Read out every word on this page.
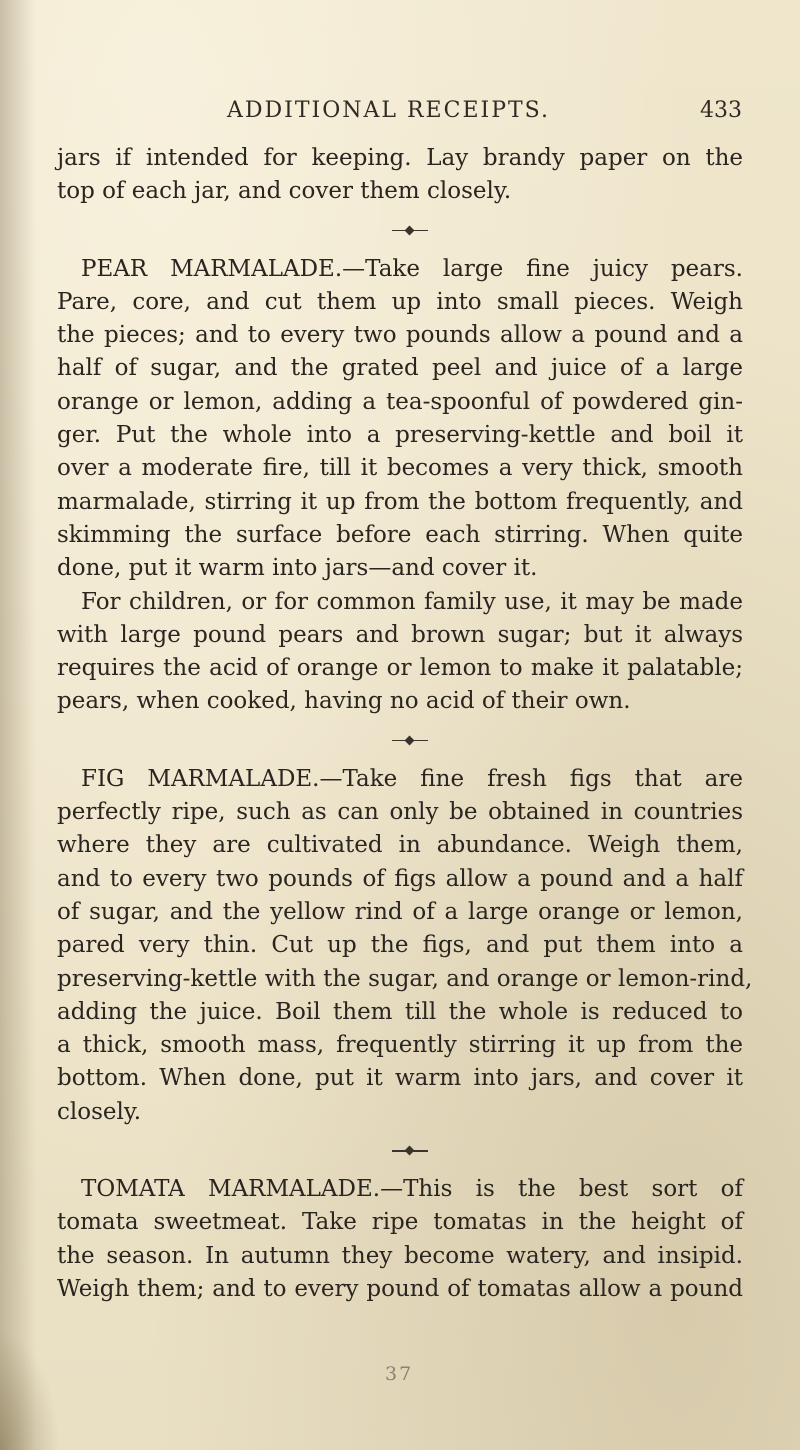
ADDITIONAL RECEIPTS.	433
jars if intended for keeping. Lay brandy paper on the
top of each jar, and cover them closely.
PEAR MARMALADE.—Take large fine juicy pears.
Pare, core, and cut them up into small pieces. Weigh
the pieces; and to every two pounds allow a pound and a
half of sugar, and the grated peel and juice of a large
orange or lemon, adding a tea-spoonful of powdered gin-
ger. Put the whole into a preserving-kettle and boil it
over a moderate fire, till it becomes a very thick, smooth
marmalade, stirring it up from the bottom frequently, and
skimming the surface before each stirring. When quite
done, put it warm into jars—and cover it.
For children, or for common family use, it may be made
with large pound pears and brown sugar; but it always
requires the acid of orange or lemon to make it palatable;
pears, when cooked, having no acid of their own.
FIG MARMALADE.—Take fine fresh figs that are
perfectly ripe, such as can only be obtained in countries
where they are cultivated in abundance. Weigh them,
and to every two pounds of figs allow a pound and a half
of sugar, and the yellow rind of a large orange or lemon,
pared very thin. Cut up the figs, and put them into a
preserving-kettle with the sugar, and orange or lemon-rind,
adding the juice. Boil them till the whole is reduced to
a thick, smooth mass, frequently stirring it up from the
bottom. When done, put it warm into jars, and cover it
closely.
TOMATA MARMALADE.—This is the best sort of
tomata sweetmeat. Take ripe tomatas in the height of
the season. In autumn they become watery, and insipid.
Weigh them; and to every pound of tomatas allow a pound
37
